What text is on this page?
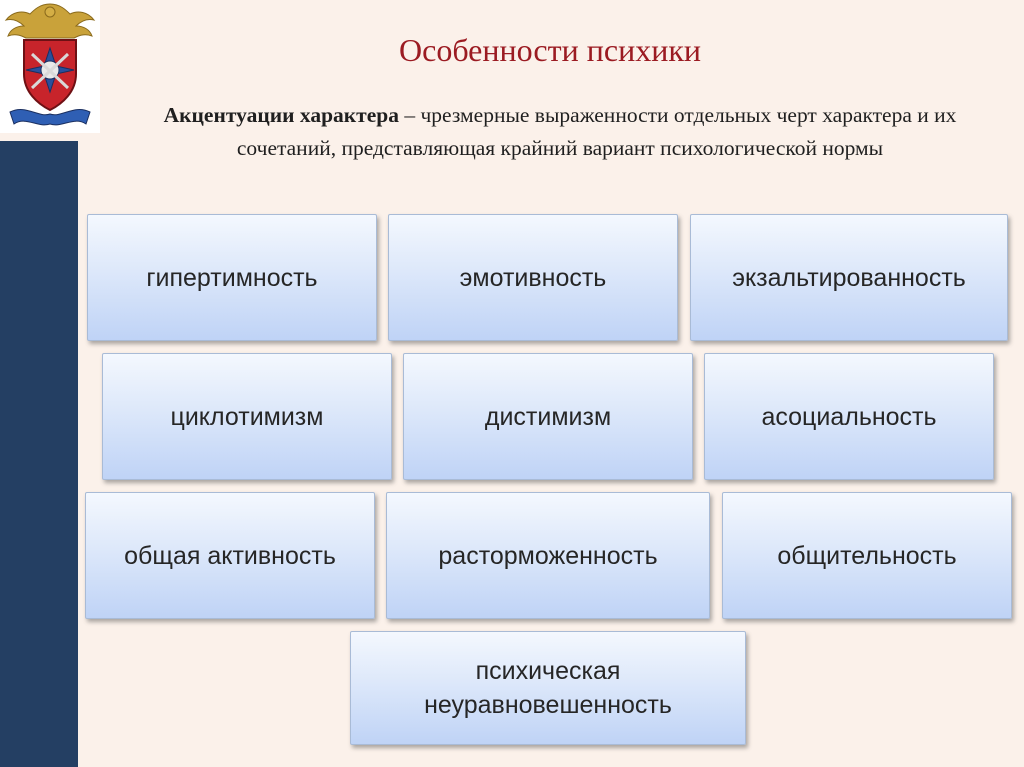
Особенности психики

Акцентуации характера – чрезмерные выраженности отдельных черт характера и их сочетаний, представляющая крайний вариант психологической нормы

гипертимность	эмотивность	экзальтированность
циклотимизм	дистимизм	асоциальность
общая активность	расторможенность	общительность
психическая неуравновешенность
